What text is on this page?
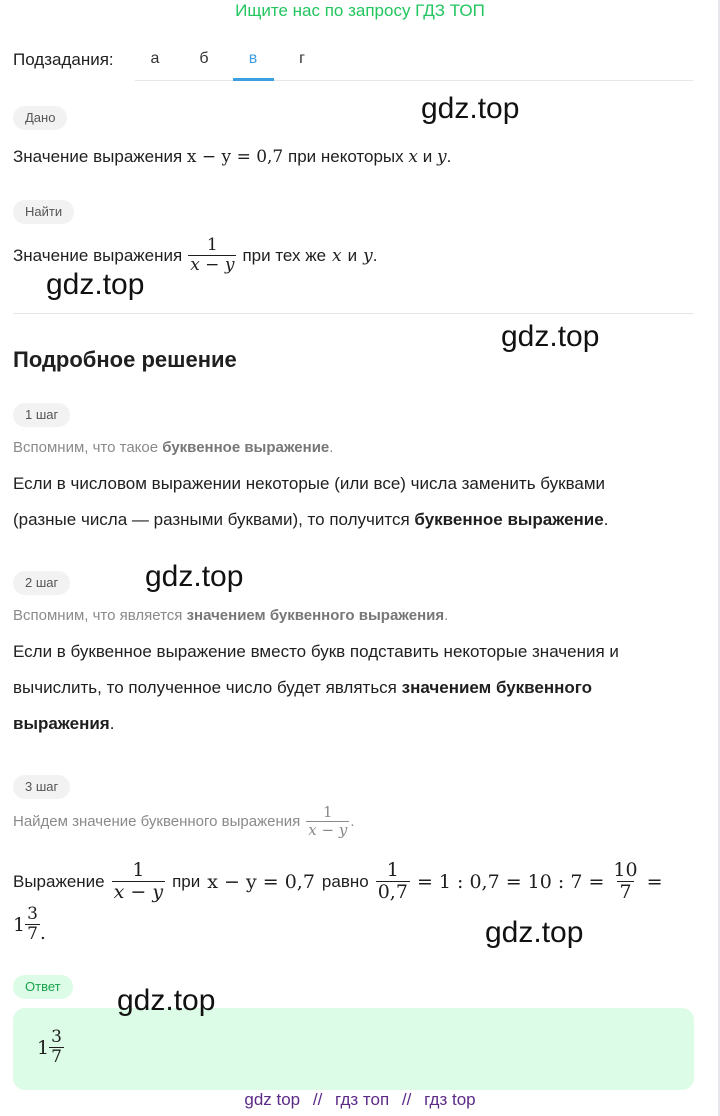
Ищите нас по запросу ГДЗ ТОП
Подзадания:	а	б	в	г
Дано
Значение выражения x − y = 0,7 при некоторых x и y.
Найти
Значение выражения $\frac{1}{x - y}$ при тех же x и y .
Подробное решение
1 шаг
Вспомним, что такое буквенное выражение.
Если в числовом выражении некоторые (или все) числа заменить буквами
(разные числа — разными буквами), то получится буквенное выражение.
2 шаг
Вспомним, что является значением буквенного выражения.
Если в буквенное выражение вместо букв подставить некоторые значения и
вычислить, то полученное число будет являться значением буквенного
выражения.
3 шаг
Найдем значение буквенного выражения $\frac{1}{x - y}$ .
Выражение $\frac{1}{x - y}$ при x − y = 0,7 равно $\frac{1}{0,7} = 1$ : 0,7 = 10 : $7 = \frac{10}{7}$ =
$1 \frac{3}{7}$ .
Ответ
$1 \frac{3}{7}$
gdz.top
gdz.top
gdz.top
gdz.top
gdz.top
gdz.top
gdz top // гдз топ // гдз top
